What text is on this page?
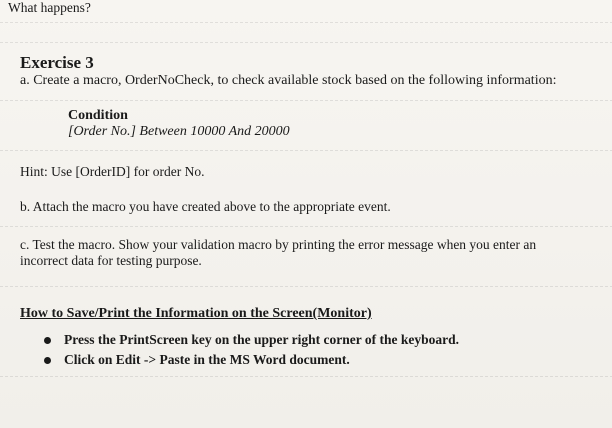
What happens?
Exercise 3
a. Create a macro, OrderNoCheck, to check available stock based on the following information:
Condition
[Order No.] Between 10000 And 20000
Hint: Use [OrderID] for order No.
b. Attach the macro you have created above to the appropriate event.
c. Test the macro. Show your validation macro by printing the error message when you enter an
incorrect data for testing purpose.
How to Save/Print the Information on the Screen(Monitor)
Press the PrintScreen key on the upper right corner of the keyboard.
Click on Edit -> Paste in the MS Word document.
